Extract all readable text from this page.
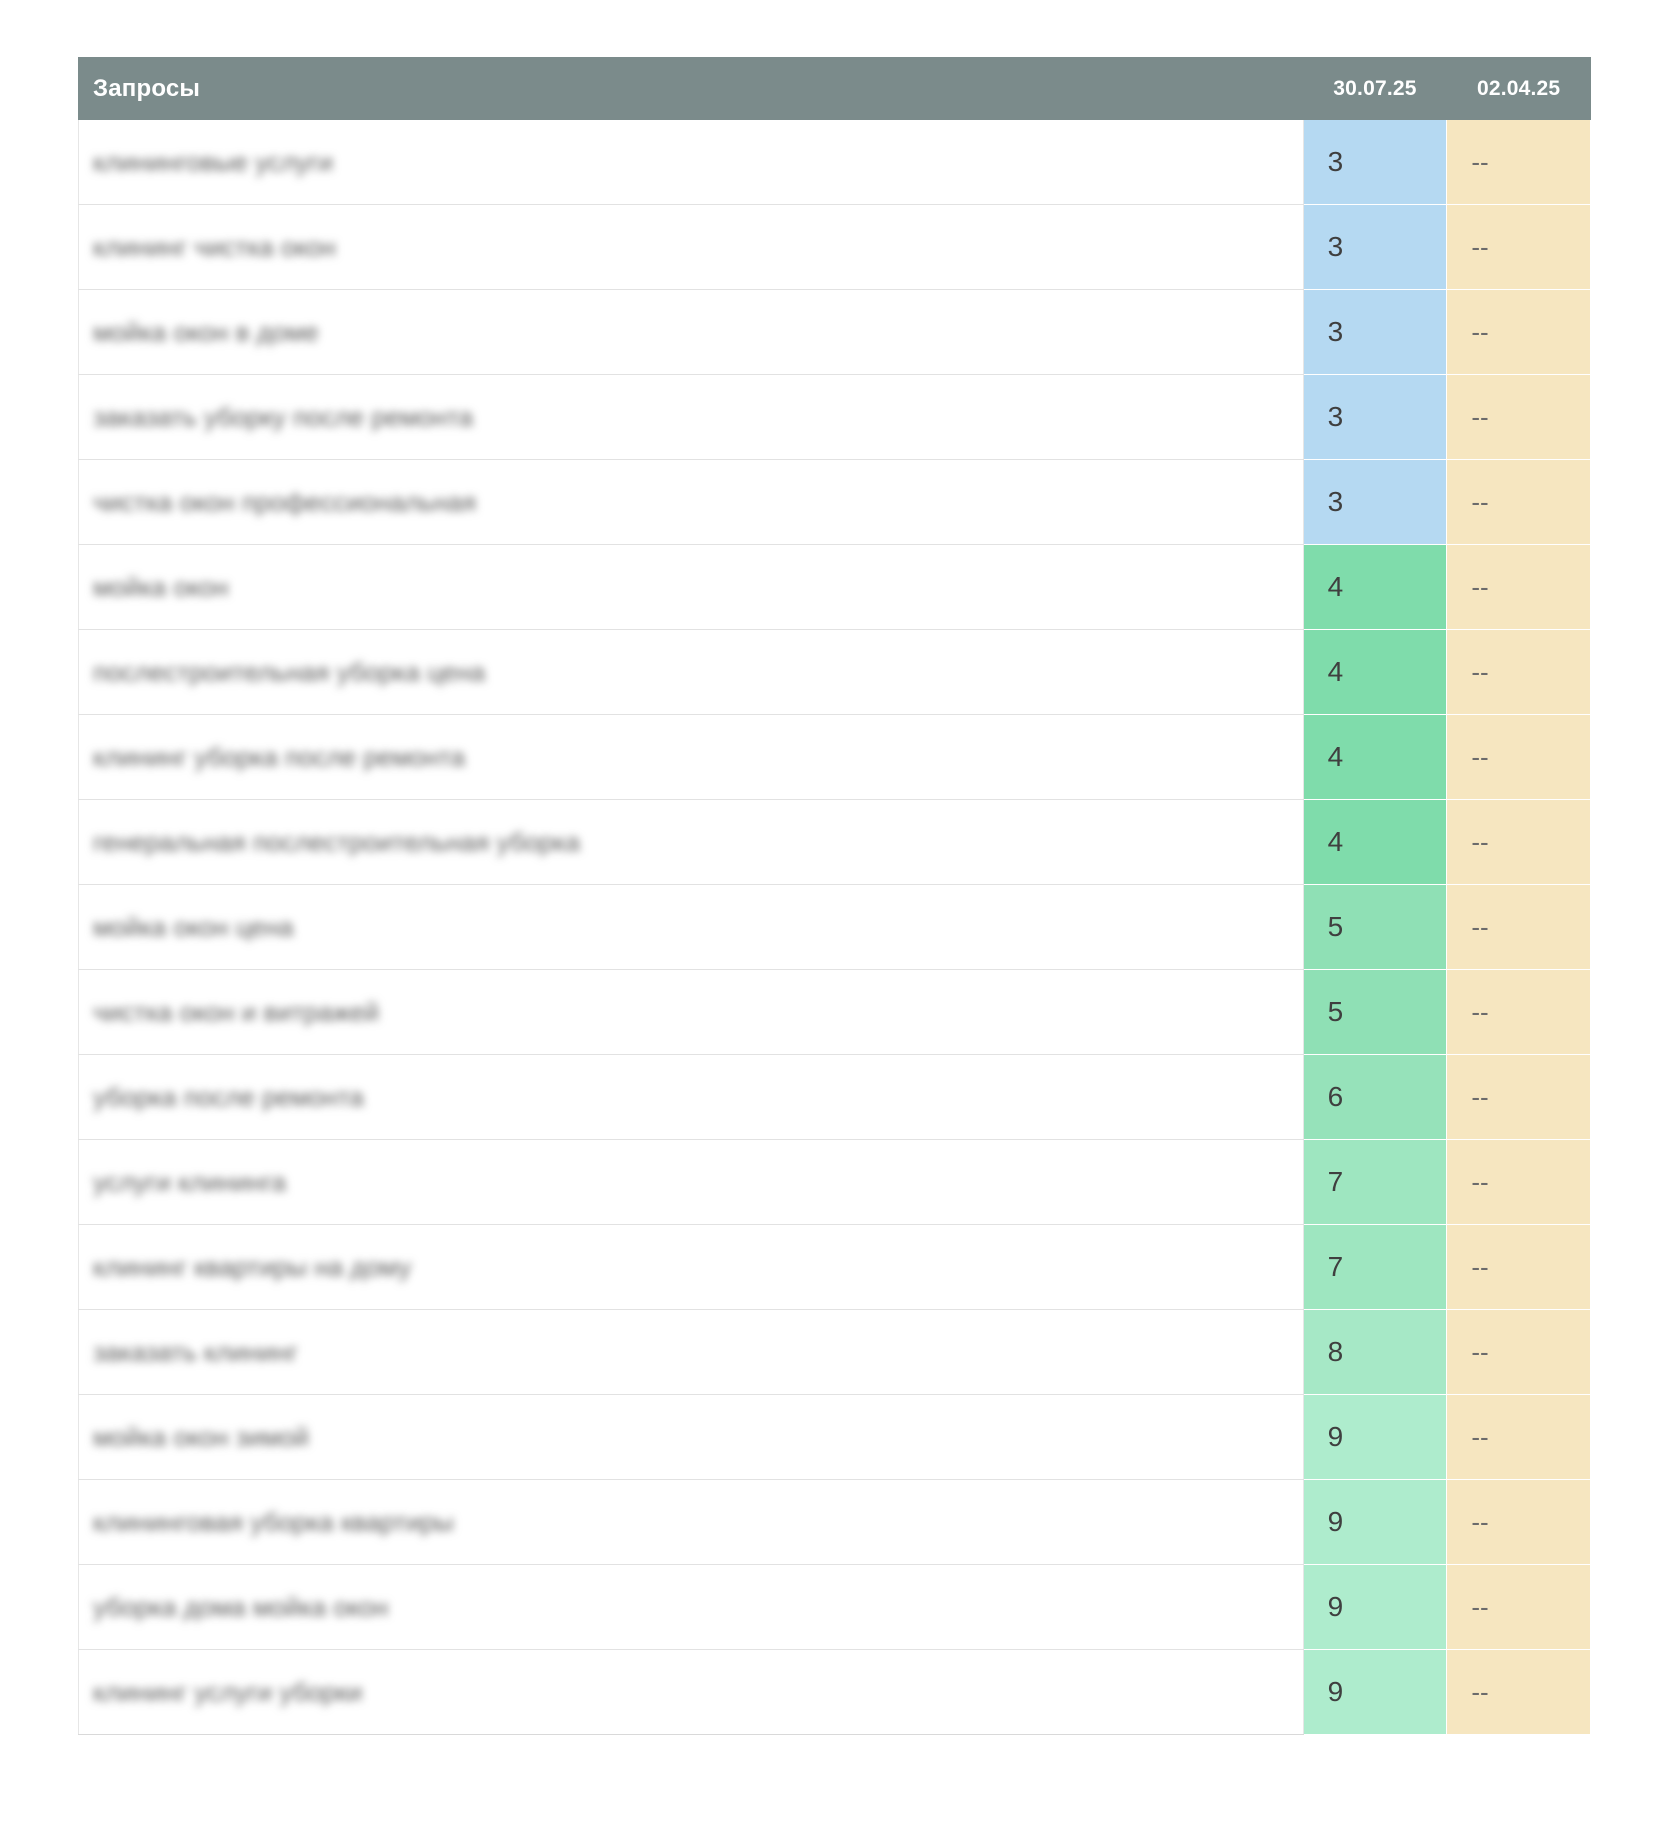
Запросы	30.07.25	02.04.25
клининговые услуги	3	--
клининг чистка окон	3	--
мойка окон в доме	3	--
заказать уборку после ремонта	3	--
чистка окон профессиональная	3	--
мойка окон	4	--
послестроительная уборка цена	4	--
клининг уборка после ремонта	4	--
генеральная послестроительная уборка	4	--
мойка окон цена	5	--
чистка окон и витражей	5	--
уборка после ремонта	6	--
услуги клининга	7	--
клининг квартиры на дому	7	--
заказать клининг	8	--
мойка окон зимой	9	--
клининговая уборка квартиры	9	--
уборка дома мойка окон	9	--
клининг услуги уборки	9	--
